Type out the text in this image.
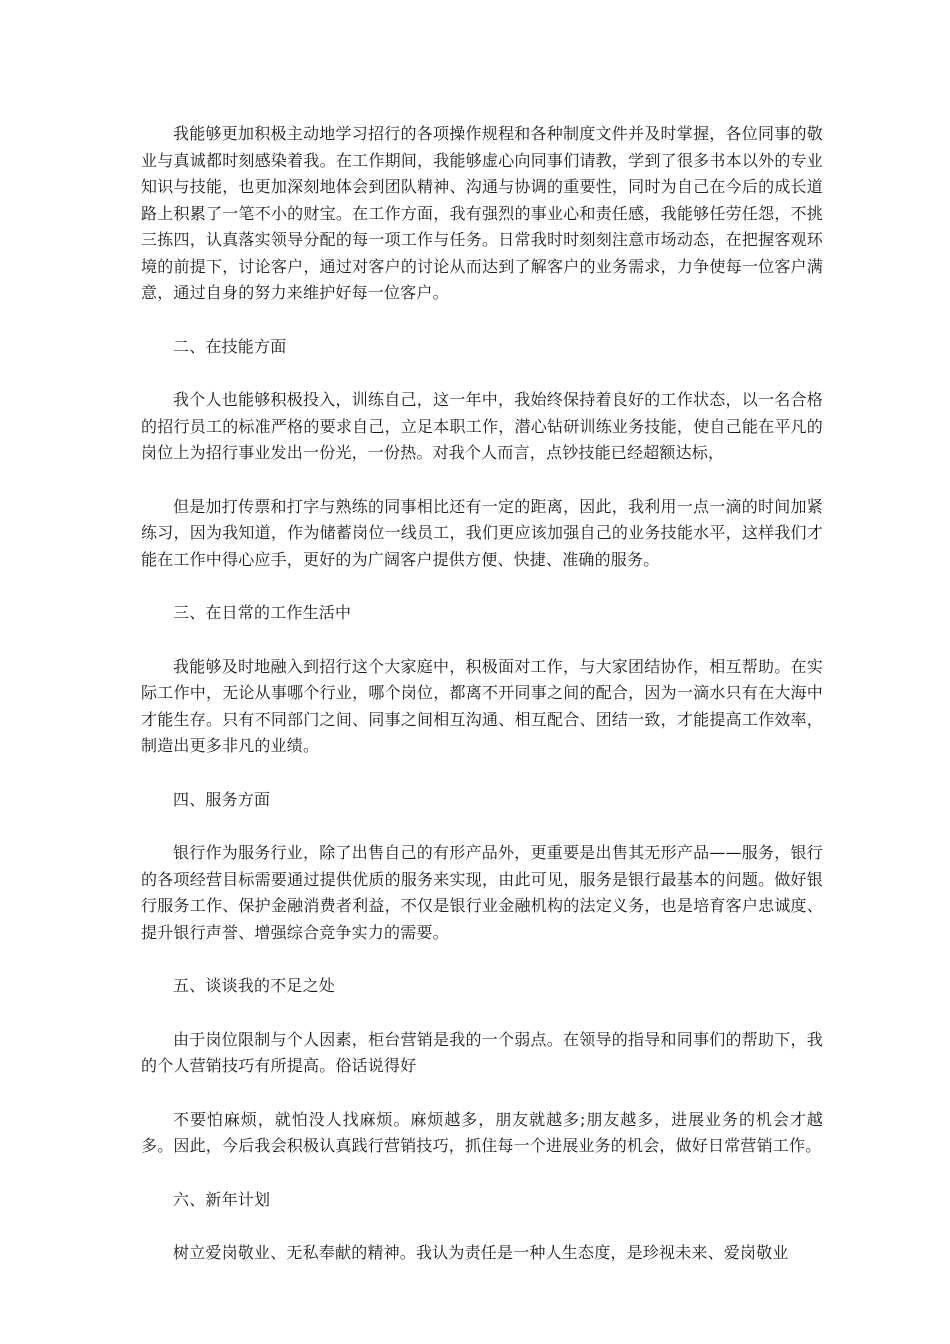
我能够更加积极主动地学习招行的各项操作规程和各种制度文件并及时掌握，各位同事的敬业与真诚都时刻感染着我。在工作期间，我能够虚心向同事们请教，学到了很多书本以外的专业知识与技能，也更加深刻地体会到团队精神、沟通与协调的重要性，同时为自己在今后的成长道路上积累了一笔不小的财宝。在工作方面，我有强烈的事业心和责任感，我能够任劳任怨，不挑三拣四，认真落实领导分配的每一项工作与任务。日常我时时刻刻注意市场动态，在把握客观环境的前提下，讨论客户，通过对客户的讨论从而达到了解客户的业务需求，力争使每一位客户满意，通过自身的努力来维护好每一位客户。

二、在技能方面

我个人也能够积极投入，训练自己，这一年中，我始终保持着良好的工作状态，以一名合格的招行员工的标准严格的要求自己，立足本职工作，潜心钻研训练业务技能，使自己能在平凡的岗位上为招行事业发出一份光，一份热。对我个人而言，点钞技能已经超额达标，

但是加打传票和打字与熟练的同事相比还有一定的距离，因此，我利用一点一滴的时间加紧练习，因为我知道，作为储蓄岗位一线员工，我们更应该加强自己的业务技能水平，这样我们才能在工作中得心应手，更好的为广阔客户提供方便、快捷、准确的服务。

三、在日常的工作生活中

我能够及时地融入到招行这个大家庭中，积极面对工作，与大家团结协作，相互帮助。在实际工作中，无论从事哪个行业，哪个岗位，都离不开同事之间的配合，因为一滴水只有在大海中才能生存。只有不同部门之间、同事之间相互沟通、相互配合、团结一致，才能提高工作效率，制造出更多非凡的业绩。

四、服务方面

银行作为服务行业，除了出售自己的有形产品外，更重要是出售其无形产品——服务，银行的各项经营目标需要通过提供优质的服务来实现，由此可见，服务是银行最基本的问题。做好银行服务工作、保护金融消费者利益，不仅是银行业金融机构的法定义务，也是培育客户忠诚度、提升银行声誉、增强综合竞争实力的需要。

五、谈谈我的不足之处

由于岗位限制与个人因素，柜台营销是我的一个弱点。在领导的指导和同事们的帮助下，我的个人营销技巧有所提高。俗话说得好

不要怕麻烦，就怕没人找麻烦。麻烦越多，朋友就越多;朋友越多，进展业务的机会才越多。因此，今后我会积极认真践行营销技巧，抓住每一个进展业务的机会，做好日常营销工作。

六、新年计划

树立爱岗敬业、无私奉献的精神。我认为责任是一种人生态度，是珍视未来、爱岗敬业
